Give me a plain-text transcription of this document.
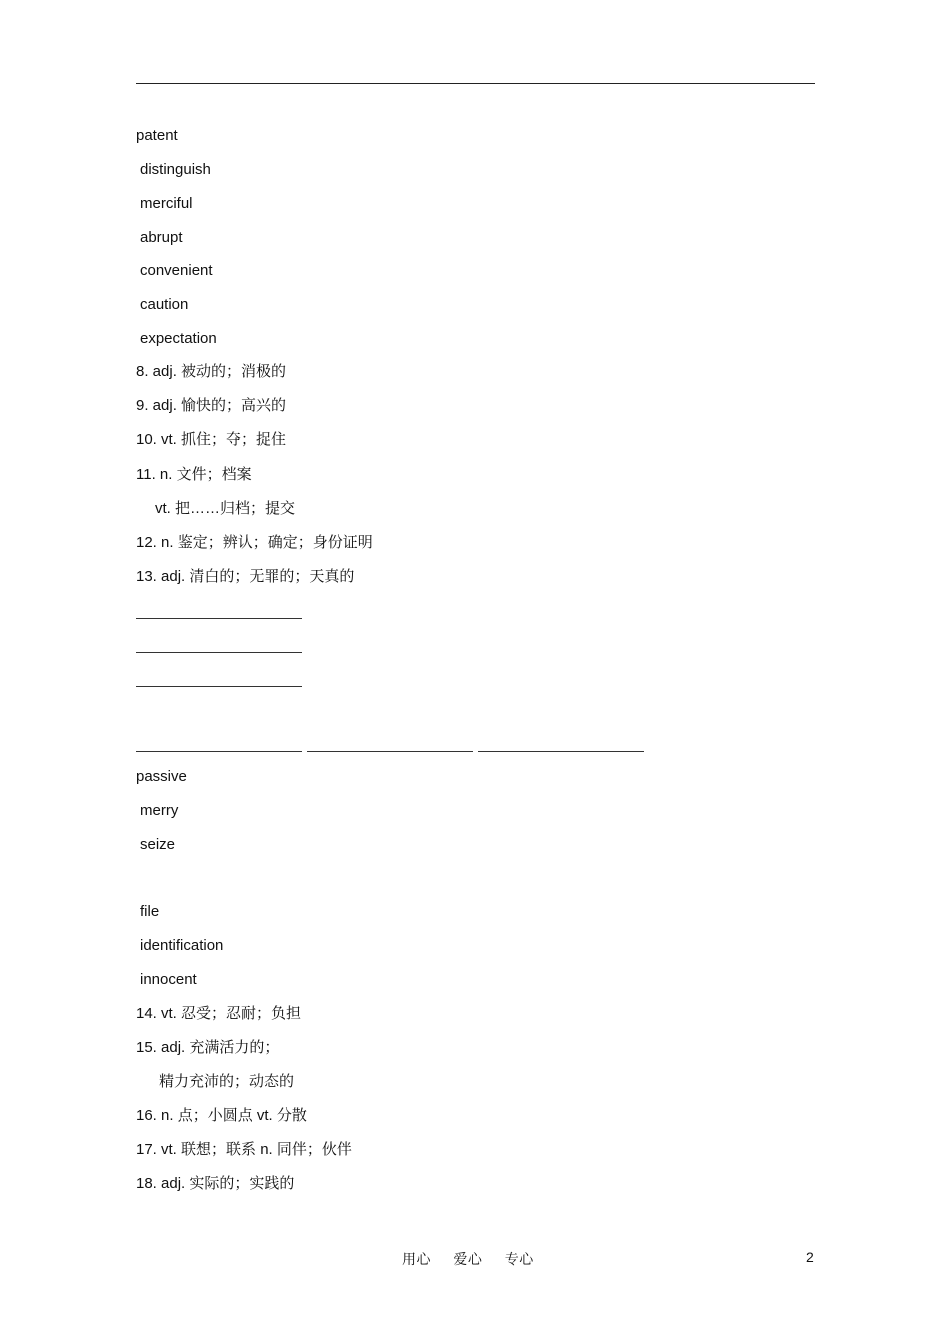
patent
distinguish
merciful
abrupt
convenient
caution
expectation
8. adj. 被动的；消极的
9. adj. 愉快的；高兴的
10. vt. 抓住；夺；捉住
11. n. 文件；档案
vt. 把……归档；提交
12. n. 鉴定；辨认；确定；身份证明
13. adj. 清白的；无罪的；天真的
passive
merry
seize
file
identification
innocent
14. vt. 忍受；忍耐；负担
15. adj. 充满活力的；
精力充沛的；动态的
16. n. 点；小圆点 vt. 分散
17. vt. 联想；联系 n. 同伴；伙伴
18. adj. 实际的；实践的
用心 爱心 专心	2
